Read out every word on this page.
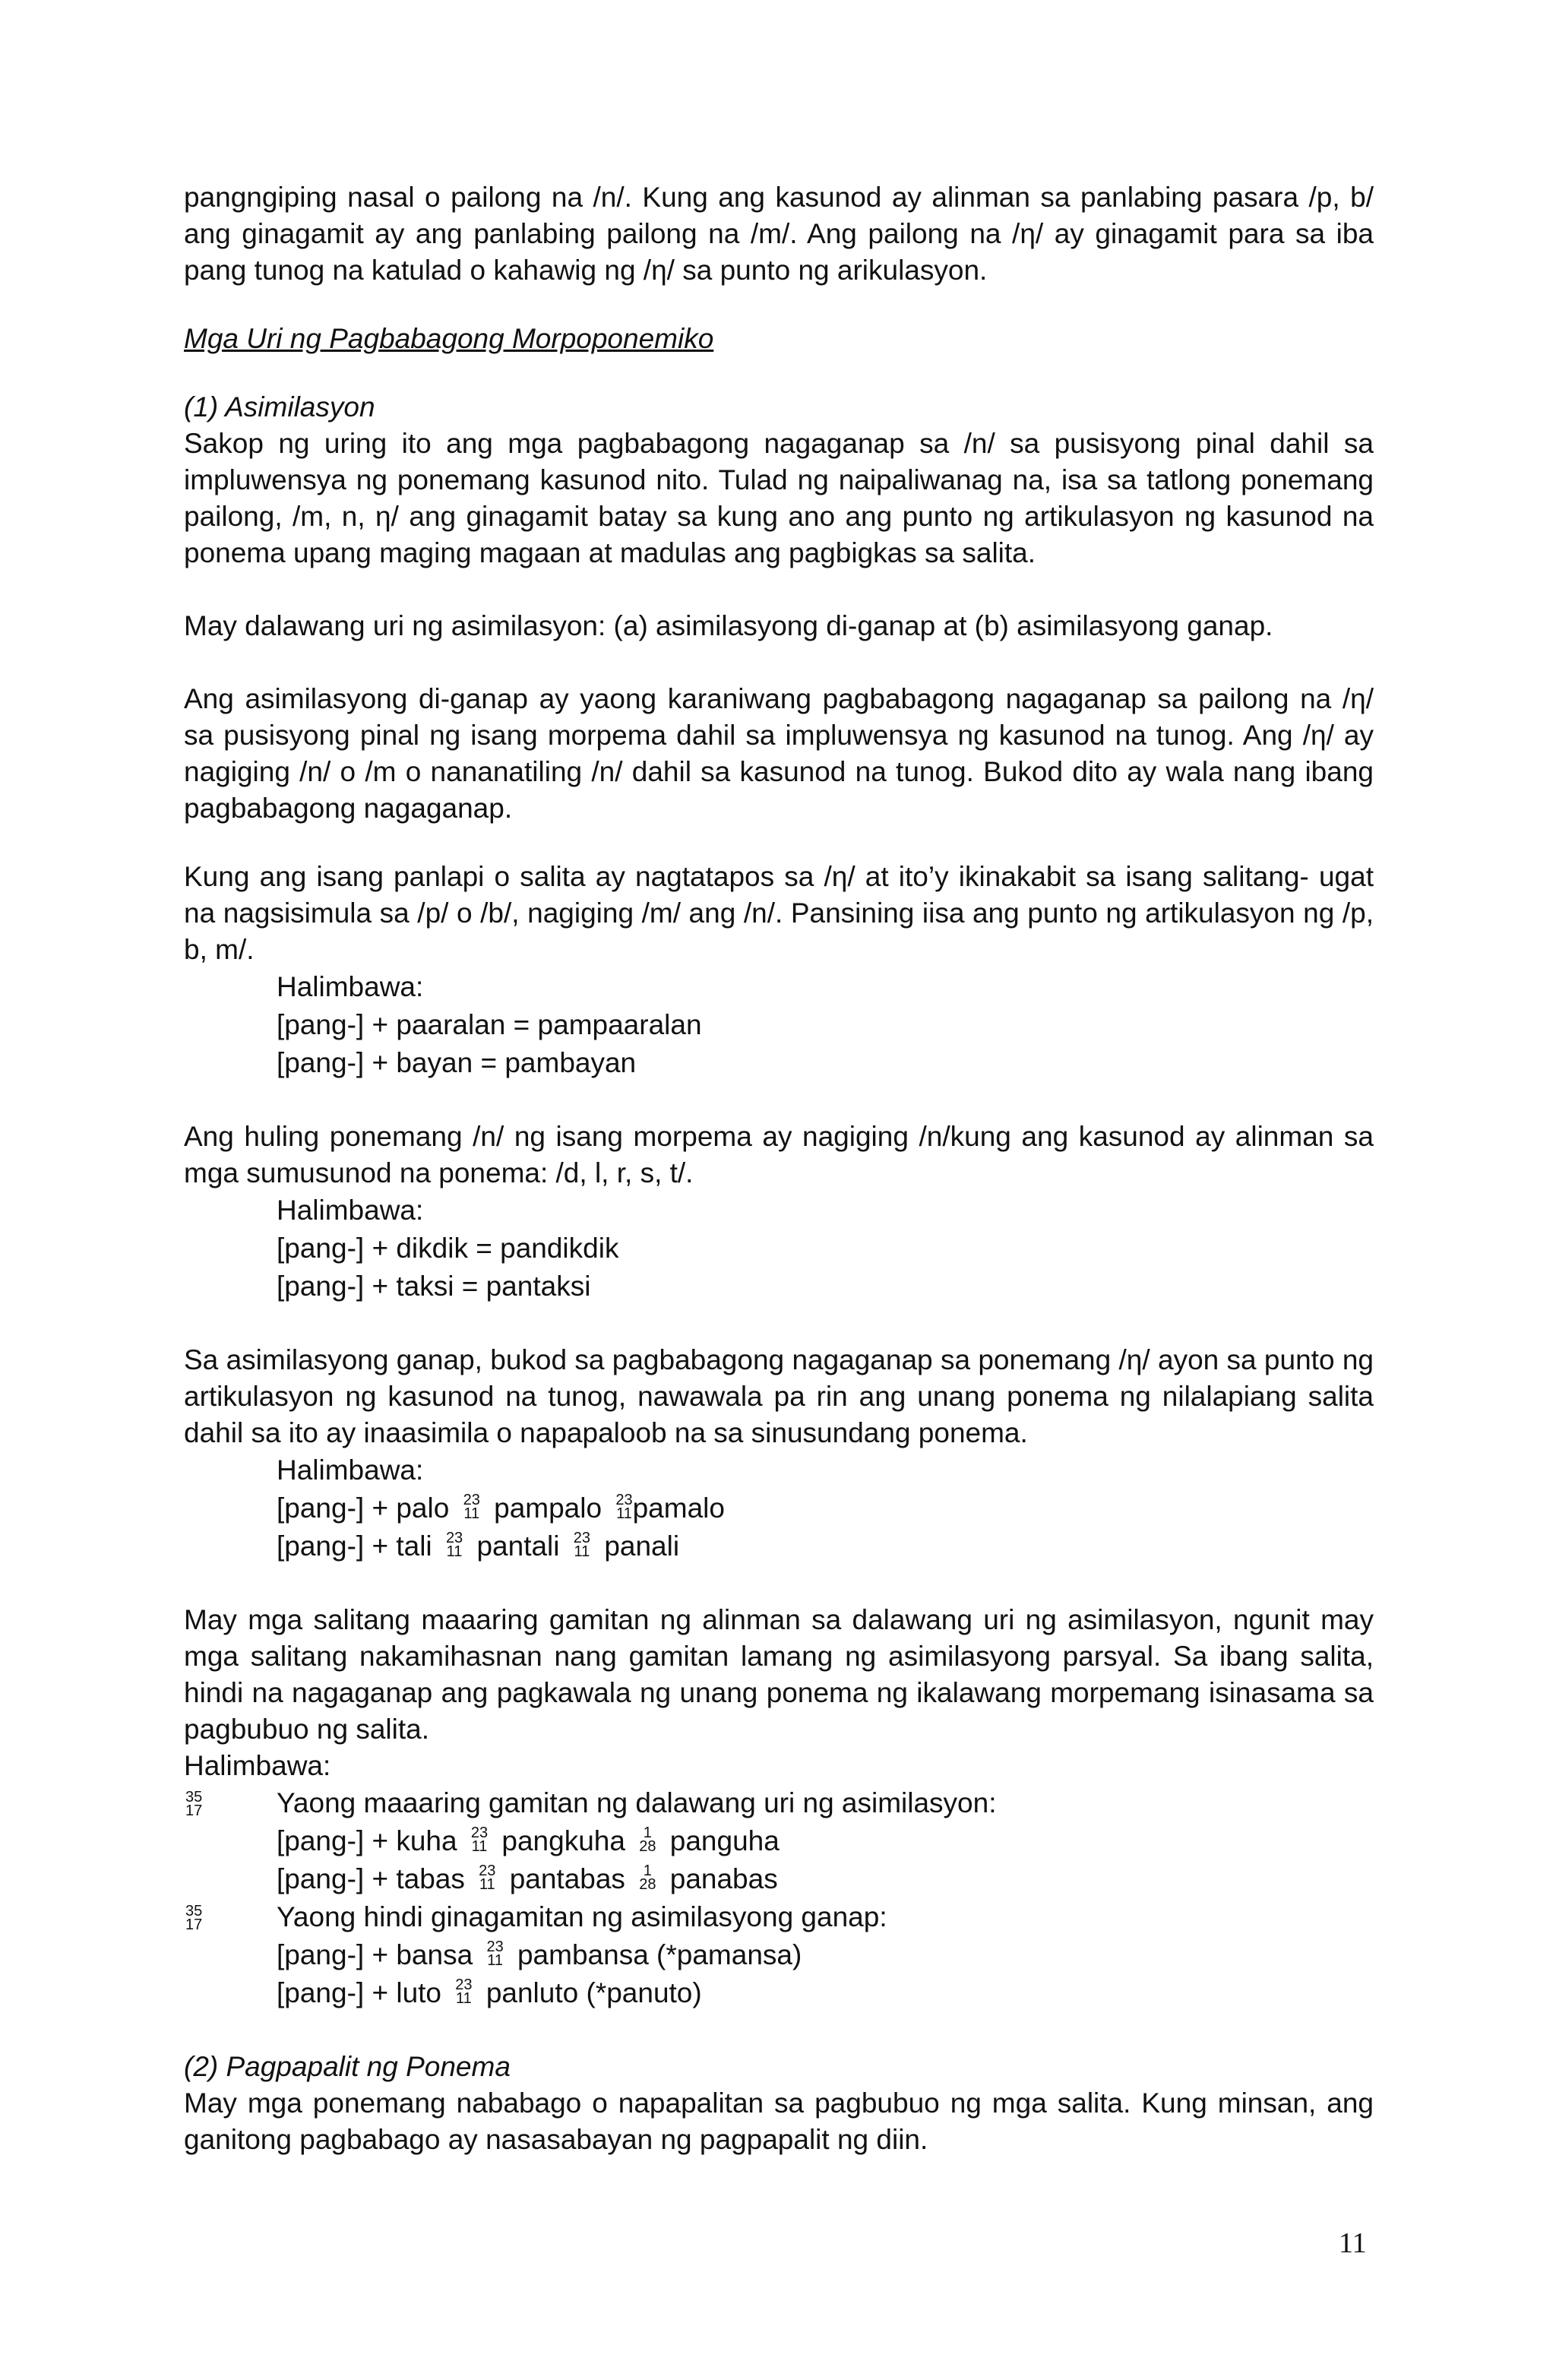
pangngiping nasal o pailong na /n/. Kung ang kasunod ay alinman sa panlabing pasara /p, b/ ang ginagamit ay ang panlabing pailong na /m/. Ang pailong na /η/ ay ginagamit para sa iba pang tunog na katulad o kahawig ng /η/ sa punto ng arikulasyon.

Mga Uri ng Pagbabagong Morpoponemiko

(1) Asimilasyon

Sakop ng uring ito ang mga pagbabagong nagaganap sa /n/ sa pusisyong pinal dahil sa impluwensya ng ponemang kasunod nito. Tulad ng naipaliwanag na, isa sa tatlong ponemang pailong, /m, n, η/ ang ginagamit batay sa kung ano ang punto ng artikulasyon ng kasunod na ponema upang maging magaan at madulas ang pagbigkas sa salita.

May dalawang uri ng asimilasyon: (a) asimilasyong di-ganap at (b) asimilasyong ganap.

Ang asimilasyong di-ganap ay yaong karaniwang pagbabagong nagaganap sa pailong na /η/ sa pusisyong pinal ng isang morpema dahil sa impluwensya ng kasunod na tunog. Ang /η/ ay nagiging /n/ o /m o nananatiling /n/ dahil sa kasunod na tunog. Bukod dito ay wala nang ibang pagbabagong nagaganap.

Kung ang isang panlapi o salita ay nagtatapos sa /η/ at ito’y ikinakabit sa isang salitang- ugat na nagsisimula sa /p/ o /b/, nagiging /m/ ang /n/. Pansining iisa ang punto ng artikulasyon ng /p, b, m/.

Halimbawa:

[pang-] + paaralan = pampaaralan

[pang-] + bayan = pambayan

Ang huling ponemang /n/ ng isang morpema ay nagiging /n/kung ang kasunod ay alinman sa mga sumusunod na ponema: /d, l, r, s, t/.

Halimbawa:

[pang-] + dikdik = pandikdik

[pang-] + taksi = pantaksi

Sa asimilasyong ganap, bukod sa pagbabagong nagaganap sa ponemang /η/ ayon sa punto ng artikulasyon ng kasunod na tunog, nawawala pa rin ang unang ponema ng nilalapiang salita dahil sa ito ay inaasimila o napapaloob na sa sinusundang ponema.

Halimbawa:

[pang-] + palo 23
11 pampalo 23
11 pamalo

[pang-] + tali 23
11 pantali 23
11 panali

May mga salitang maaaring gamitan ng alinman sa dalawang uri ng asimilasyon, ngunit may mga salitang nakamihasnan nang gamitan lamang ng asimilasyong parsyal. Sa ibang salita, hindi na nagaganap ang pagkawala ng unang ponema ng ikalawang morpemang isinasama sa pagbubuo ng salita.

Halimbawa:

35
17	Yaong maaaring gamitan ng dalawang uri ng asimilasyon:

[pang-] + kuha 23
11 pangkuha 1
28 panguha

[pang-] + tabas 23
11 pantabas 1
28 panabas

35
17	Yaong hindi ginagamitan ng asimilasyong ganap:

[pang-] + bansa 23
11 pambansa (*pamansa)

[pang-] + luto 23
11 panluto (*panuto)

(2) Pagpapalit ng Ponema

May mga ponemang nababago o napapalitan sa pagbubuo ng mga salita. Kung minsan, ang ganitong pagbabago ay nasasabayan ng pagpapalit ng diin.

11
